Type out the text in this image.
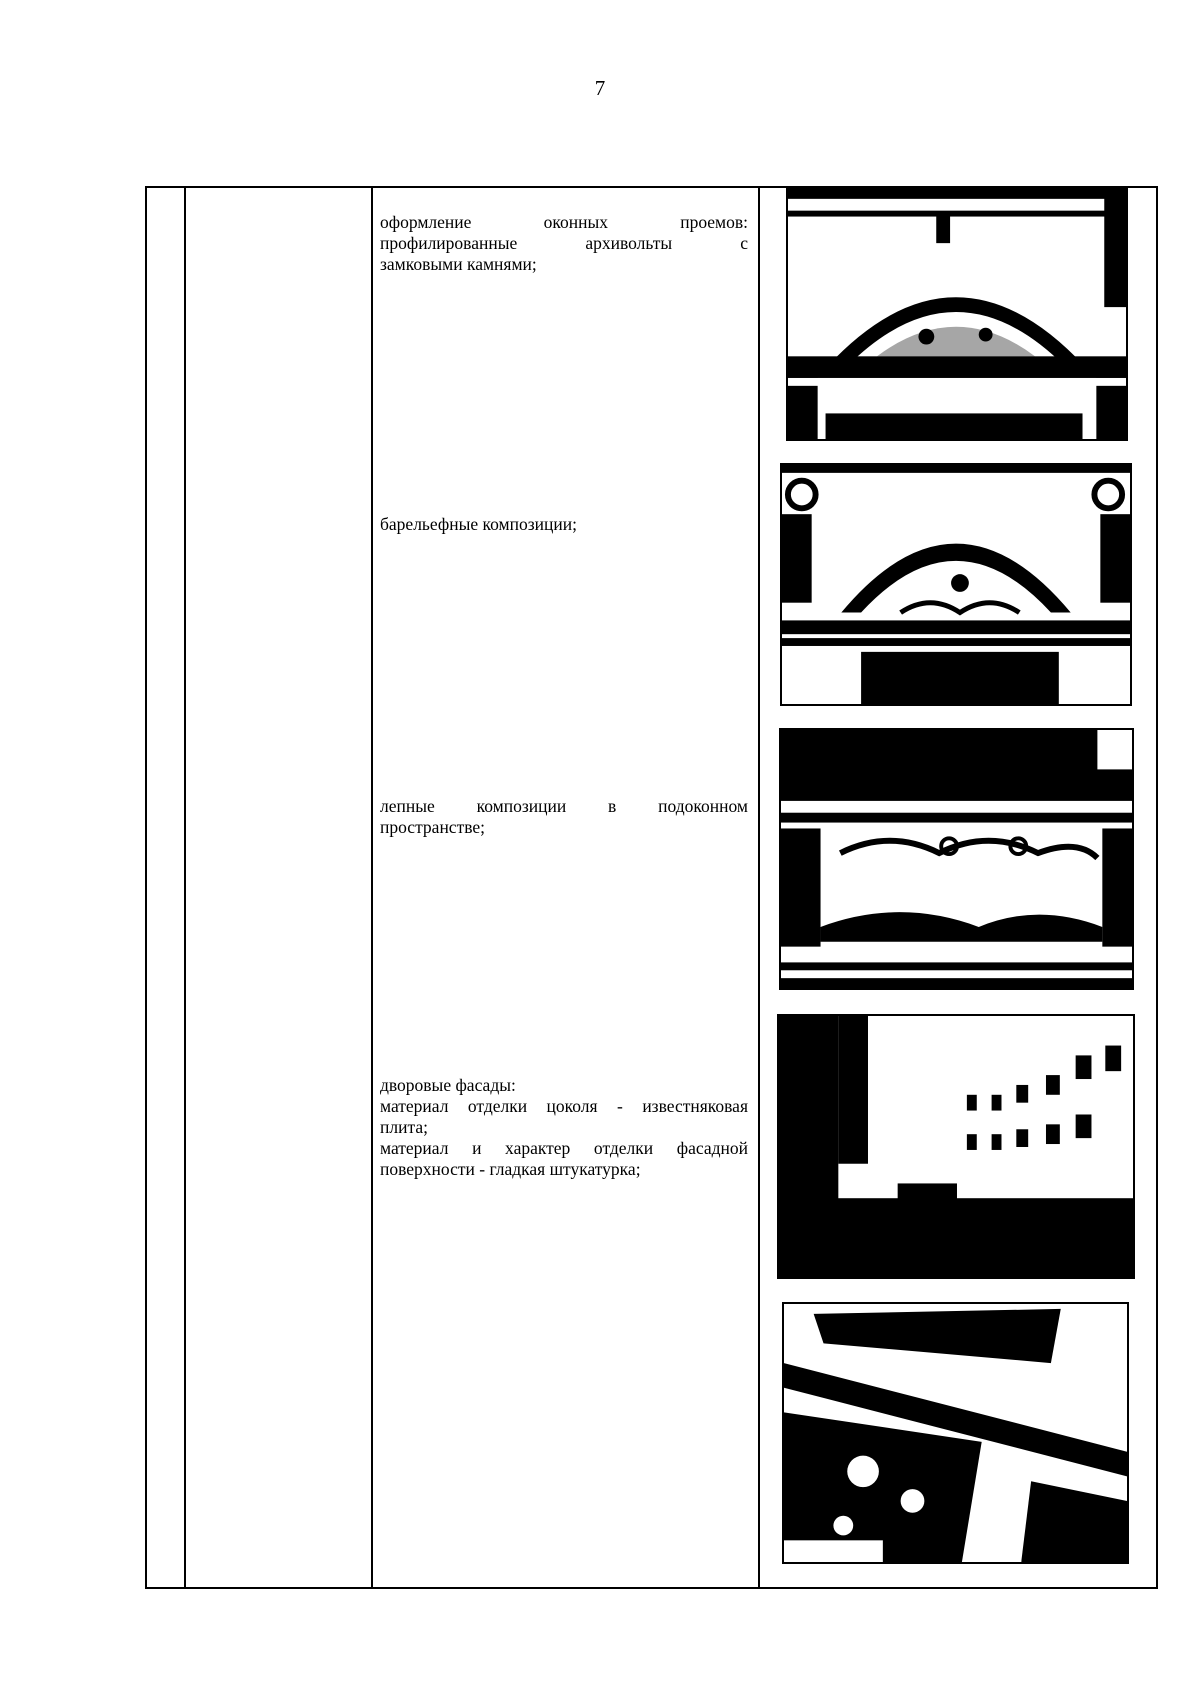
7
оформление оконных проемов:
профилированные архивольты с
замковыми камнями;
барельефные композиции;
лепные композиции в подоконном
пространстве;
дворовые фасады:
материал отделки цоколя - известняковая
плита;
материал и характер отделки фасадной
поверхности - гладкая штукатурка;
